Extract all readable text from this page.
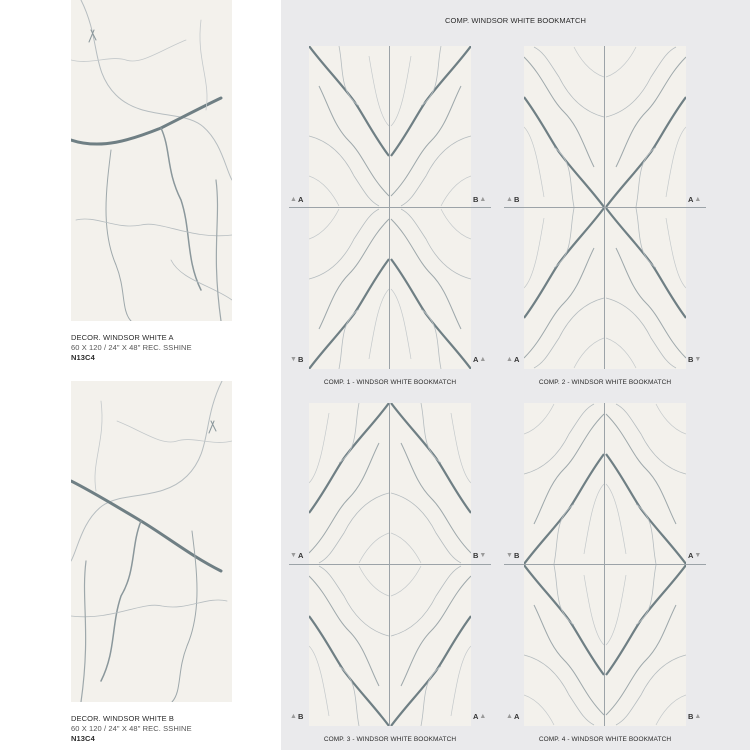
DECOR. WINDSOR WHITE A
60 X 120 / 24" X 48" REC. SSHINE
N13C4
DECOR. WINDSOR WHITE B
60 X 120 / 24" X 48" REC. SSHINE
N13C4
COMP. WINDSOR WHITE BOOKMATCH
▲ A	B ▲
▼ B	A ▲
COMP. 1 - WINDSOR WHITE BOOKMATCH
▲ B	A ▲
▲ A	B ▼
COMP. 2 - WINDSOR WHITE BOOKMATCH
▼ A	B ▼
▲ B	A ▲
COMP. 3 - WINDSOR WHITE BOOKMATCH
▼ B	A ▼
▲ A	B ▲
COMP. 4 - WINDSOR WHITE BOOKMATCH
